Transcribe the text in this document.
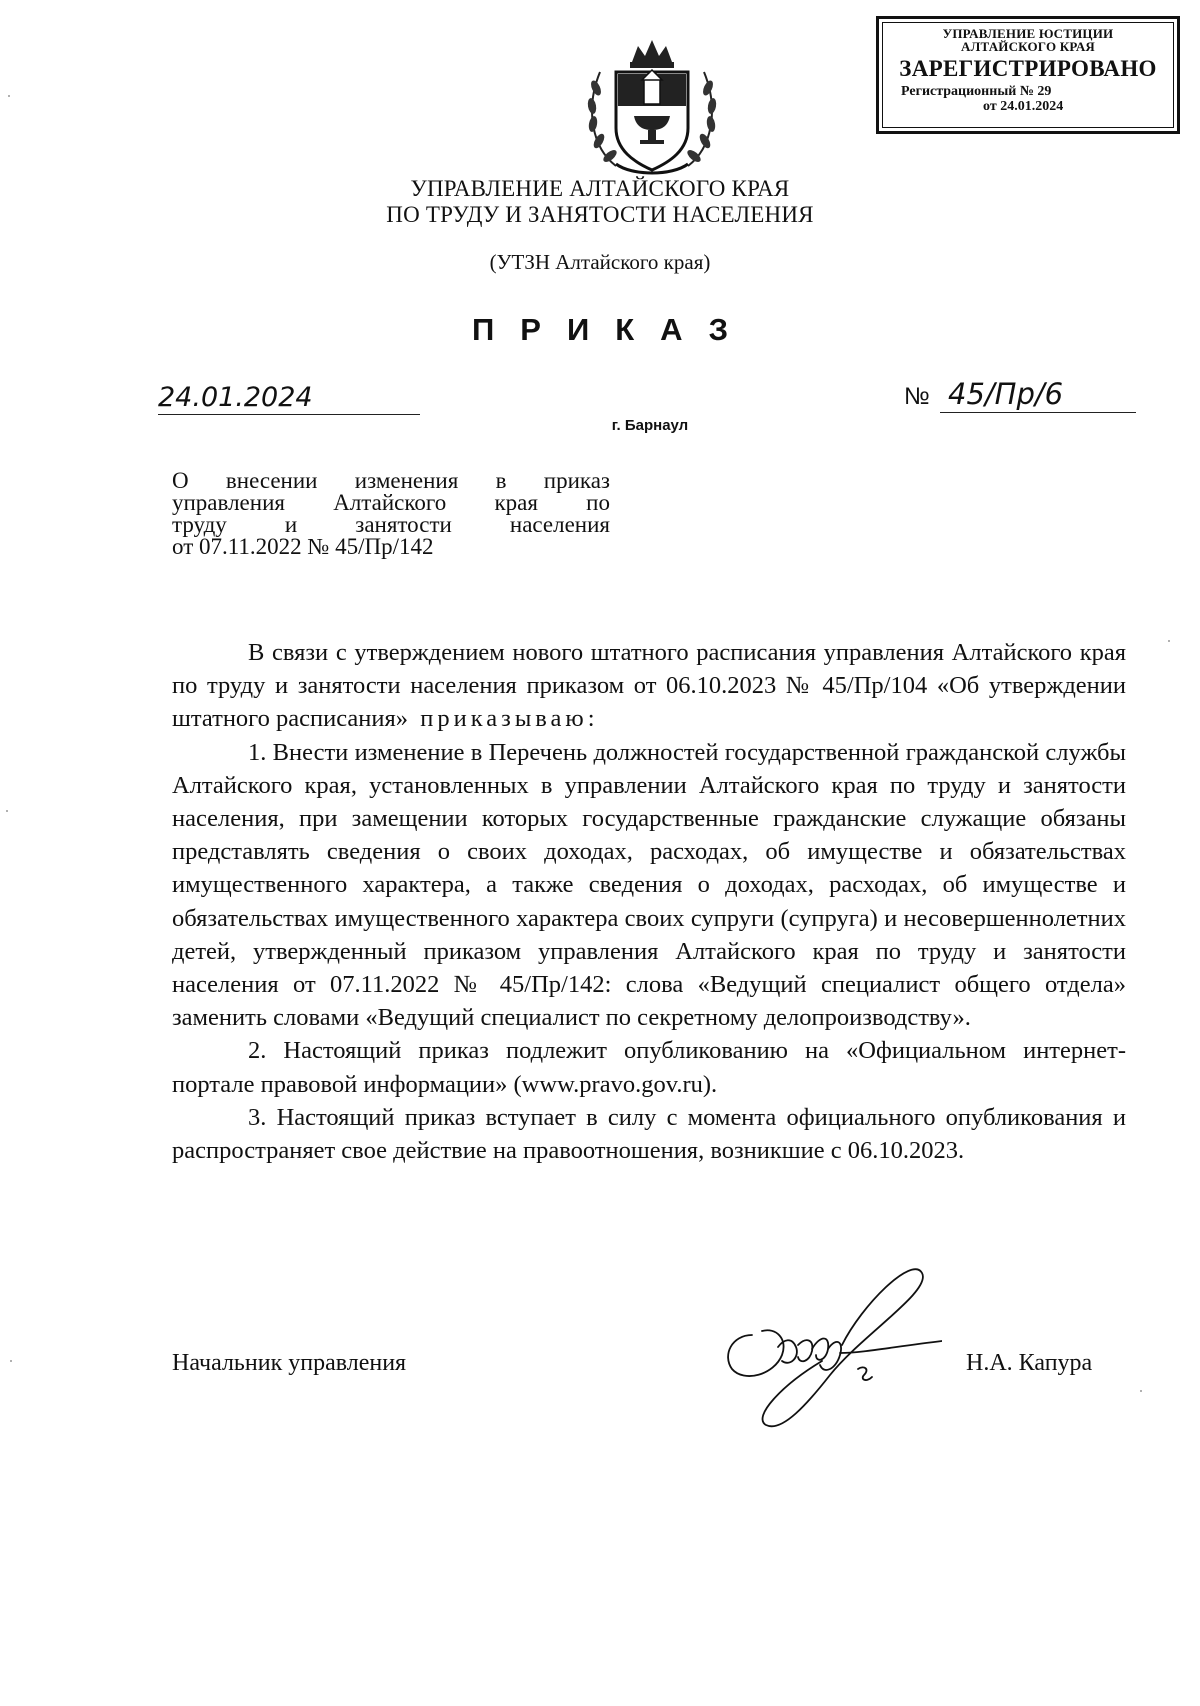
УПРАВЛЕНИЕ ЮСТИЦИИ
АЛТАЙСКОГО КРАЯ
ЗАРЕГИСТРИРОВАНО
Регистрационный № 29
от 24.01.2024
УПРАВЛЕНИЕ АЛТАЙСКОГО КРАЯ
ПО ТРУДУ И ЗАНЯТОСТИ НАСЕЛЕНИЯ
(УТЗН Алтайского края)
ПРИКАЗ
24.01.2024	№ 45/Пр/6
г. Барнаул
О внесении изменения в приказ
управления Алтайского края по
труду и занятости населения
от 07.11.2022 № 45/Пр/142

В связи с утверждением нового штатного расписания управления Алтайского края по труду и занятости населения приказом от 06.10.2023 № 45/Пр/104 «Об утверждении штатного расписания» приказываю:

1. Внести изменение в Перечень должностей государственной гражданской службы Алтайского края, установленных в управлении Алтайского края по труду и занятости населения, при замещении которых государственные гражданские служащие обязаны представлять сведения о своих доходах, расходах, об имуществе и обязательствах имущественного характера, а также сведения о доходах, расходах, об имуществе и обязательствах имущественного характера своих супруги (супруга) и несовершеннолетних детей, утвержденный приказом управления Алтайского края по труду и занятости населения от 07.11.2022 № 45/Пр/142: слова «Ведущий специалист общего отдела» заменить словами «Ведущий специалист по секретному делопроизводству».

2. Настоящий приказ подлежит опубликованию на «Официальном интернет-портале правовой информации» (www.pravo.gov.ru).

3. Настоящий приказ вступает в силу с момента официального опубликования и распространяет свое действие на правоотношения, возникшие с 06.10.2023.

Начальник управления	Н.А. Капура
